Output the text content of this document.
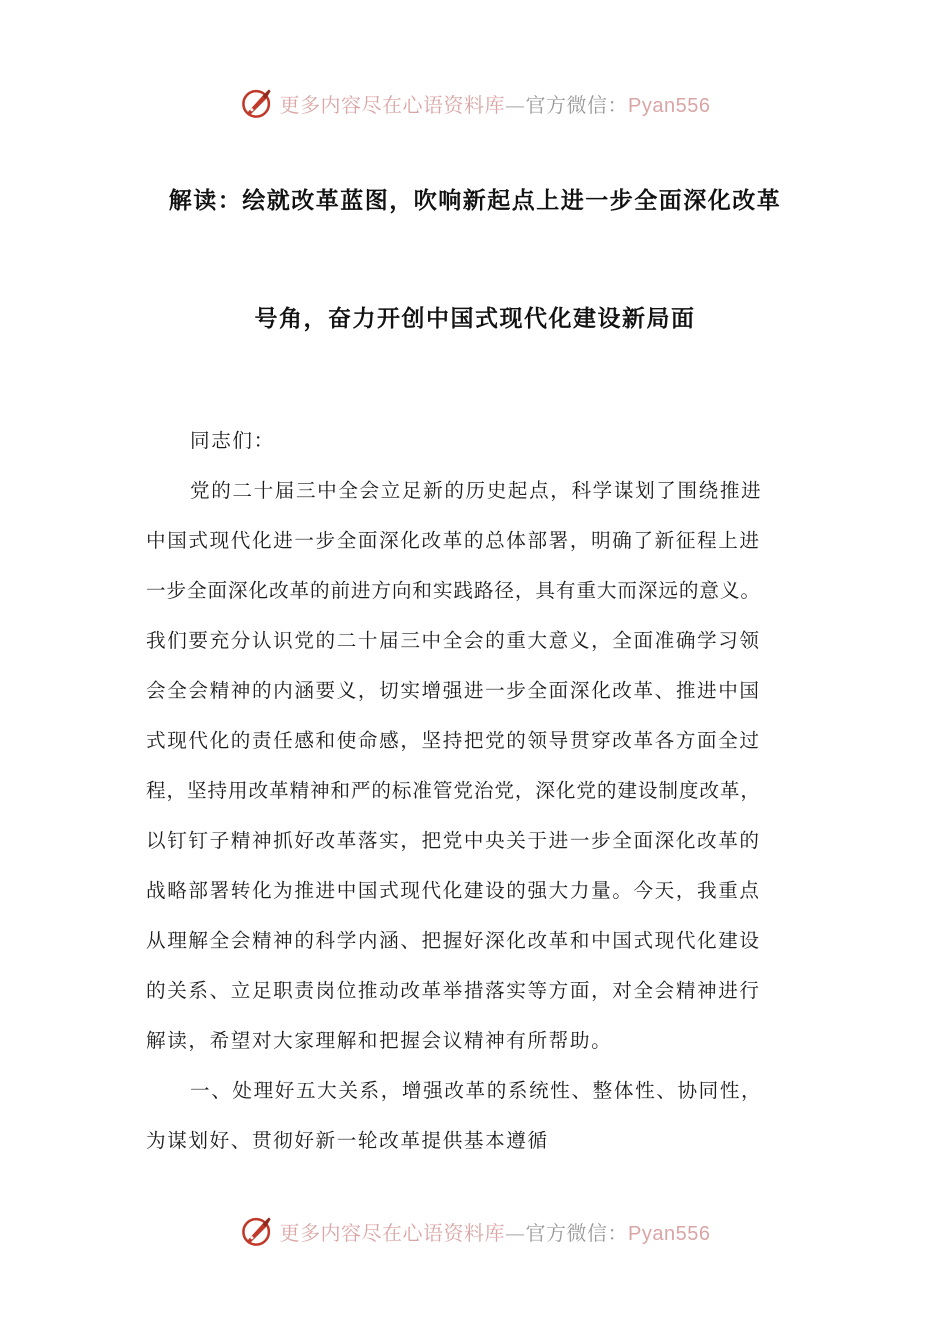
更多内容尽在心语资料库—官方微信：Pyan556
解读：绘就改革蓝图，吹响新起点上进一步全面深化改革
号角，奋力开创中国式现代化建设新局面

同志们：

党的二十届三中全会立足新的历史起点，科学谋划了围绕推进

中国式现代化进一步全面深化改革的总体部署，明确了新征程上进

一步全面深化改革的前进方向和实践路径，具有重大而深远的意义。

我们要充分认识党的二十届三中全会的重大意义，全面准确学习领

会全会精神的内涵要义，切实增强进一步全面深化改革、推进中国

式现代化的责任感和使命感，坚持把党的领导贯穿改革各方面全过

程，坚持用改革精神和严的标准管党治党，深化党的建设制度改革，

以钉钉子精神抓好改革落实，把党中央关于进一步全面深化改革的

战略部署转化为推进中国式现代化建设的强大力量。今天，我重点

从理解全会精神的科学内涵、把握好深化改革和中国式现代化建设

的关系、立足职责岗位推动改革举措落实等方面，对全会精神进行

解读，希望对大家理解和把握会议精神有所帮助。

一、处理好五大关系，增强改革的系统性、整体性、协同性，

为谋划好、贯彻好新一轮改革提供基本遵循

更多内容尽在心语资料库—官方微信：Pyan556
